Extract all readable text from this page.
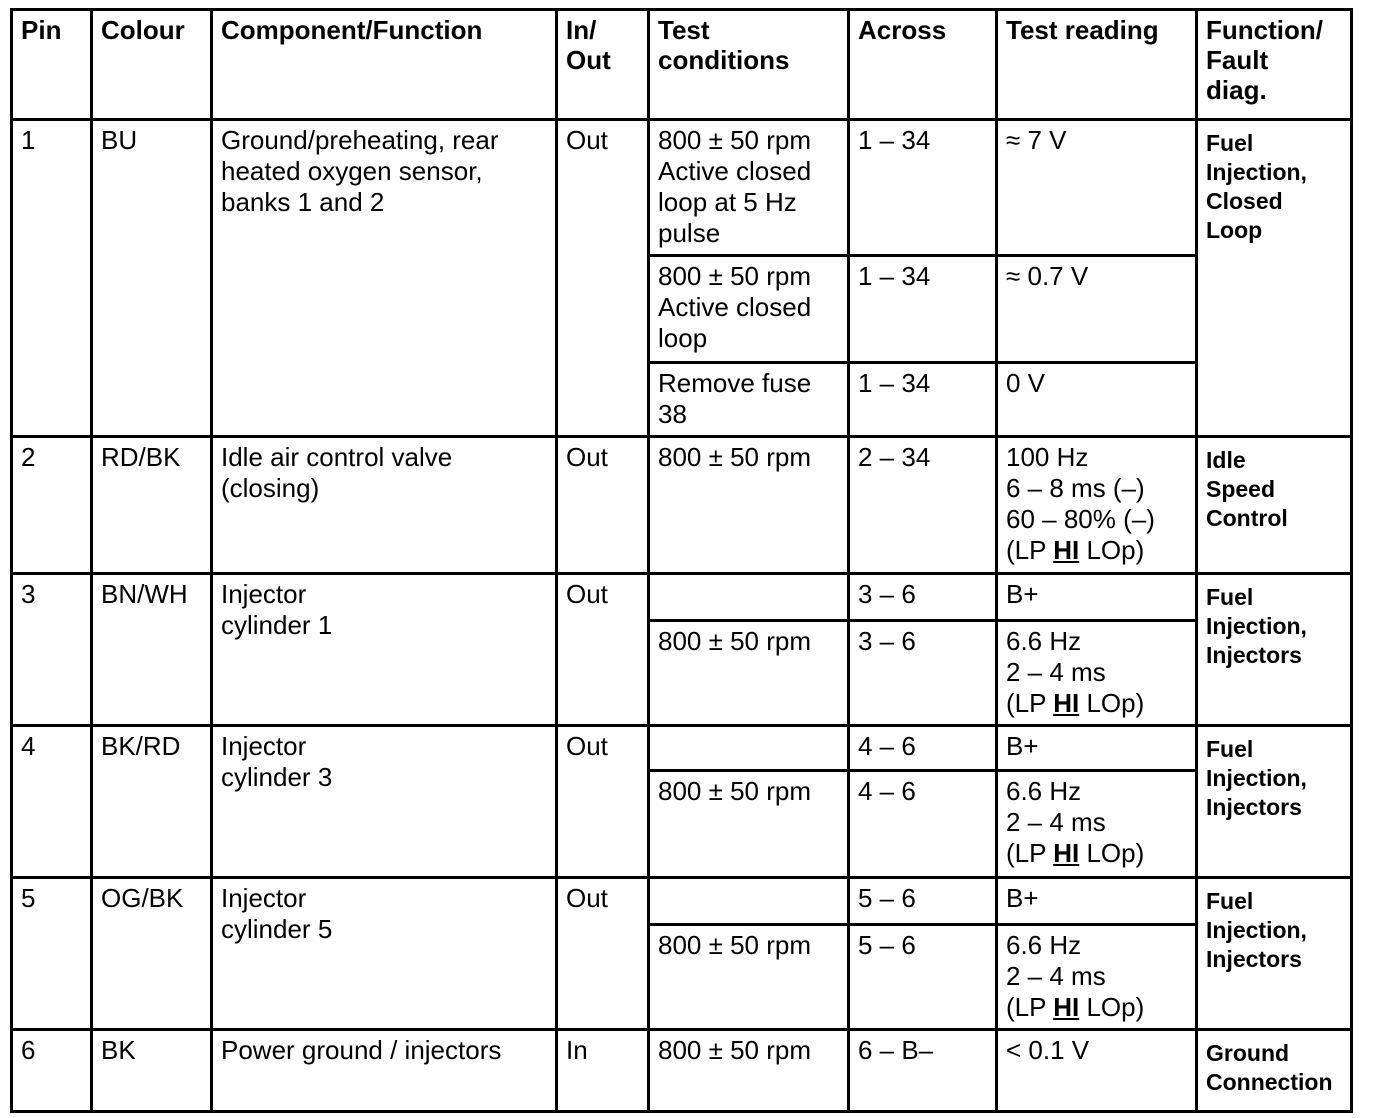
Pin	Colour	Component/Function	In/
Out	Test
conditions	Across	Test reading	Function/
Fault
diag.

1	BU	Ground/preheating, rear
heated oxygen sensor,
banks 1 and 2	Out	800 ± 50 rpm
Active closed
loop at 5 Hz
pulse	1 – 34	≈ 7 V	Fuel
Injection,
Closed
Loop

				800 ± 50 rpm
Active closed
loop	1 – 34	≈ 0.7 V	

				Remove fuse
38	1 – 34	0 V	

2	RD/BK	Idle air control valve
(closing)	Out	800 ± 50 rpm	2 – 34	100 Hz
6 – 8 ms (–)
60 – 80% (–)
(LP HI LOp)	Idle
Speed
Control

3	BN/WH	Injector
cylinder 1	Out		3 – 6	B+	Fuel
Injection,
Injectors

				800 ± 50 rpm	3 – 6	6.6 Hz
2 – 4 ms
(LP HI LOp)	

4	BK/RD	Injector
cylinder 3	Out		4 – 6	B+	Fuel
Injection,
Injectors

				800 ± 50 rpm	4 – 6	6.6 Hz
2 – 4 ms
(LP HI LOp)	

5	OG/BK	Injector
cylinder 5	Out		5 – 6	B+	Fuel
Injection,
Injectors

				800 ± 50 rpm	5 – 6	6.6 Hz
2 – 4 ms
(LP HI LOp)	

6	BK	Power ground / injectors	In	800 ± 50 rpm	6 – B–	< 0.1 V	Ground
Connection
